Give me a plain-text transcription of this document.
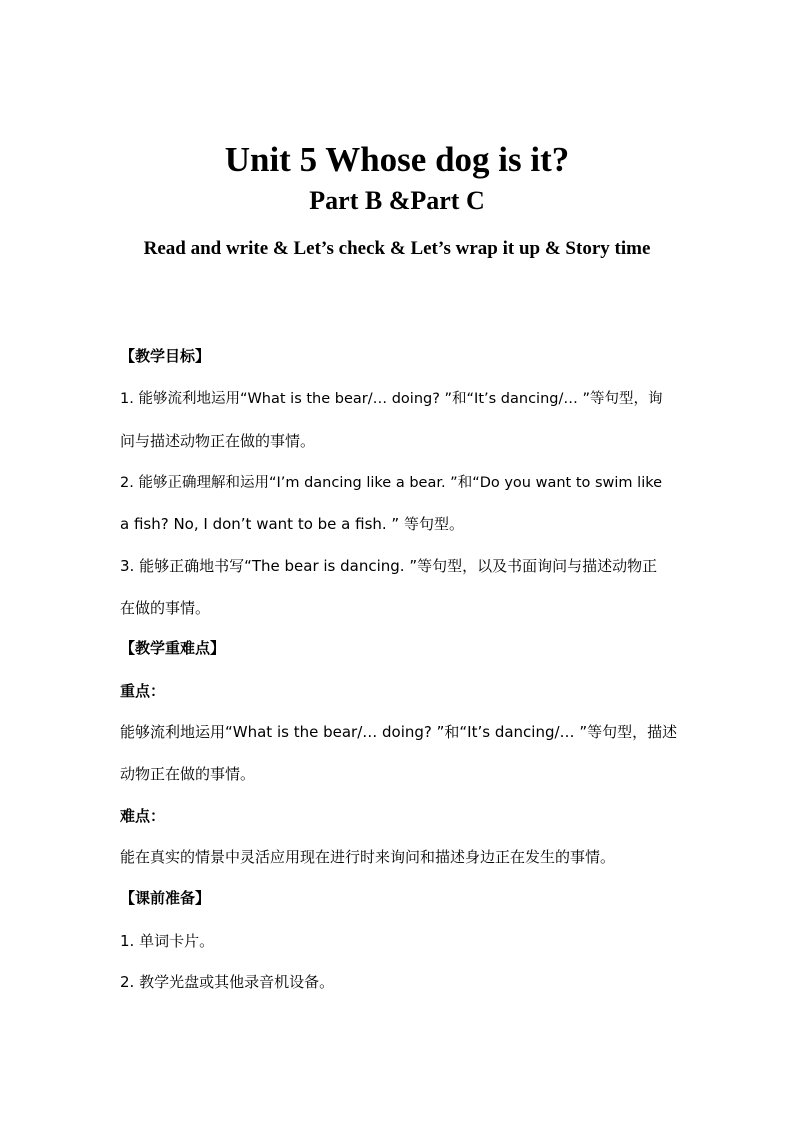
Unit 5 Whose dog is it?
Part B &Part C
Read and write & Let’s check & Let’s wrap it up & Story time
【教学目标】
1. 能够流利地运用“What is the bear/… doing? ”和“It’s dancing/… ”等句型，询
问与描述动物正在做的事情。
2. 能够正确理解和运用“I’m dancing like a bear. ”和“Do you want to swim like
a fish? No, I don’t want to be a fish. ” 等句型。
3. 能够正确地书写“The bear is dancing. ”等句型，以及书面询问与描述动物正
在做的事情。
【教学重难点】
重点：
能够流利地运用“What is the bear/… doing? ”和“It’s dancing/… ”等句型，描述
动物正在做的事情。
难点：
能在真实的情景中灵活应用现在进行时来询问和描述身边正在发生的事情。
【课前准备】
1. 单词卡片。
2. 教学光盘或其他录音机设备。
